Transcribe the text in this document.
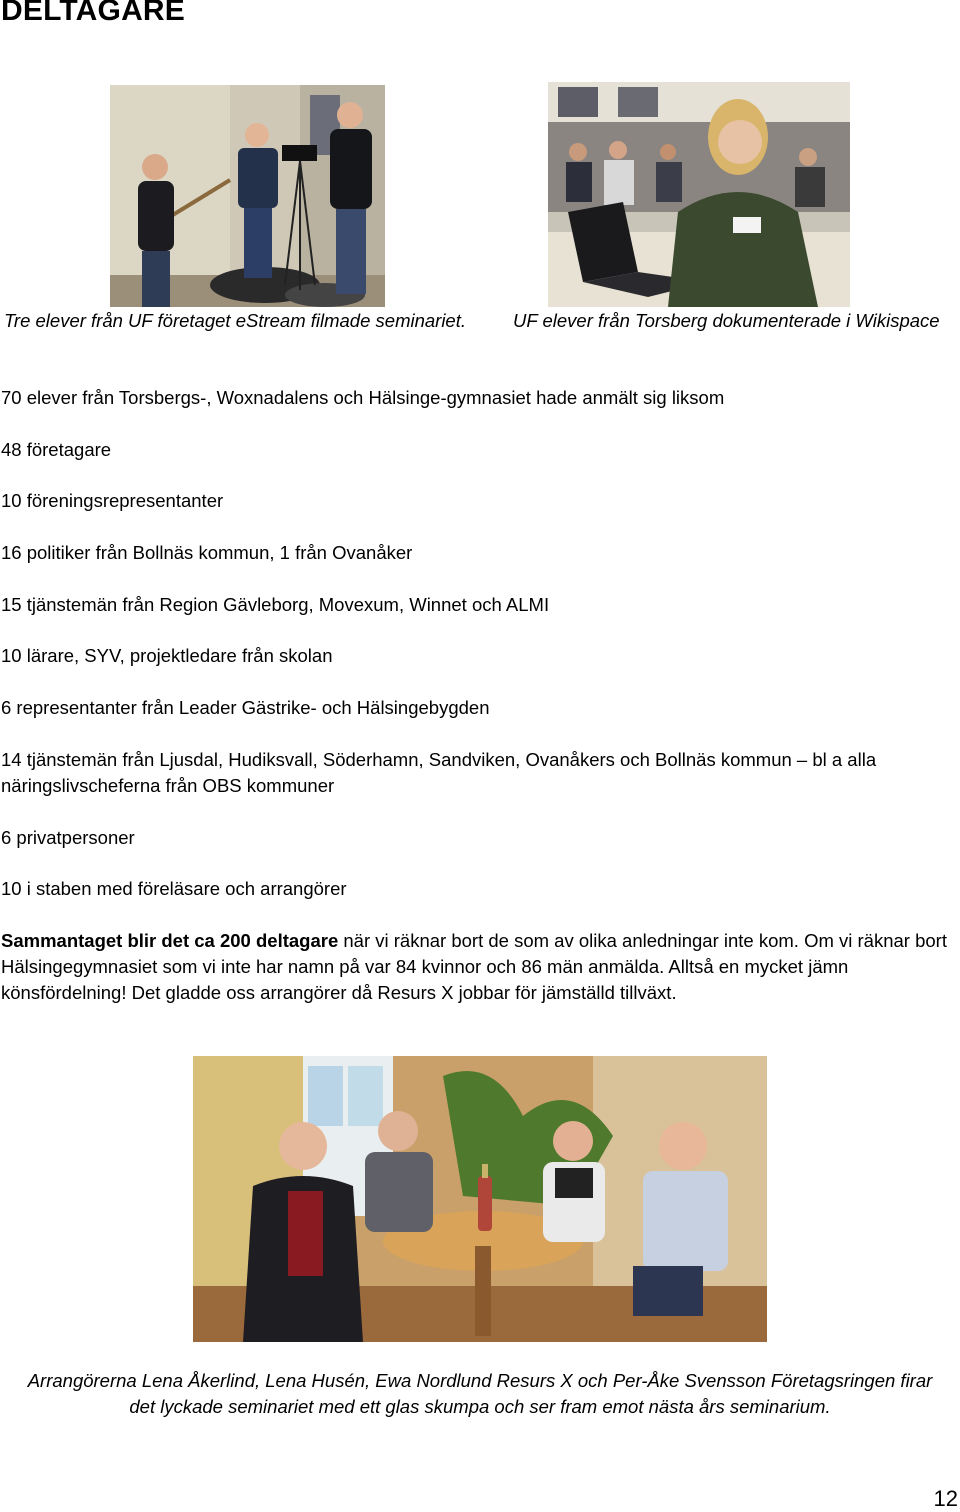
DELTAGARE

Tre elever från UF företaget eStream filmade seminariet.	UF elever från Torsberg dokumenterade i Wikispace

70 elever från Torsbergs-, Woxnadalens och Hälsinge-gymnasiet hade anmält sig liksom

48 företagare

10 föreningsrepresentanter

16 politiker från Bollnäs kommun, 1 från Ovanåker

15 tjänstemän från Region Gävleborg, Movexum, Winnet och ALMI

10 lärare, SYV, projektledare från skolan

6 representanter från Leader Gästrike- och Hälsingebygden

14 tjänstemän från Ljusdal, Hudiksvall, Söderhamn, Sandviken, Ovanåkers och Bollnäs kommun – bl a alla näringslivscheferna från OBS kommuner

6 privatpersoner

10 i staben med föreläsare och arrangörer

Sammantaget blir det ca 200 deltagare när vi räknar bort de som av olika anledningar inte kom. Om vi räknar bort Hälsingegymnasiet som vi inte har namn på var 84 kvinnor och 86 män anmälda. Alltså en mycket jämn könsfördelning! Det gladde oss arrangörer då Resurs X jobbar för jämställd tillväxt.

Arrangörerna Lena Åkerlind, Lena Husén, Ewa Nordlund Resurs X och Per-Åke Svensson Företagsringen firar det lyckade seminariet med ett glas skumpa och ser fram emot nästa års seminarium.

12
